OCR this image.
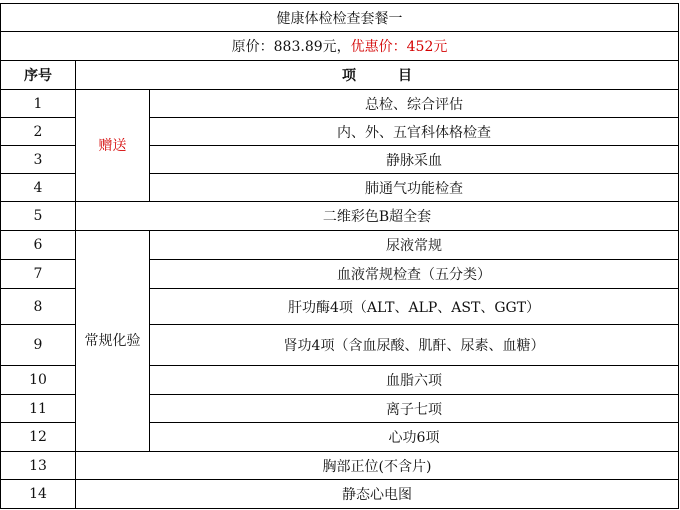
健康体检检查套餐一		
原价：883.89元，优惠价：452元		
序号	项　　　目	
1	赠送	总检、综合评估
2		内、外、五官科体格检查
3		静脉采血
4		肺通气功能检查
5	二维彩色B超全套	
6	常规化验	尿液常规
7		血液常规检查（五分类）
8		肝功酶4项（ALT、ALP、AST、GGT）
9		肾功4项（含血尿酸、肌酐、尿素、血糖）
10		血脂六项
11		离子七项
12		心功6项
13	胸部正位(不含片)	
14	静态心电图	
